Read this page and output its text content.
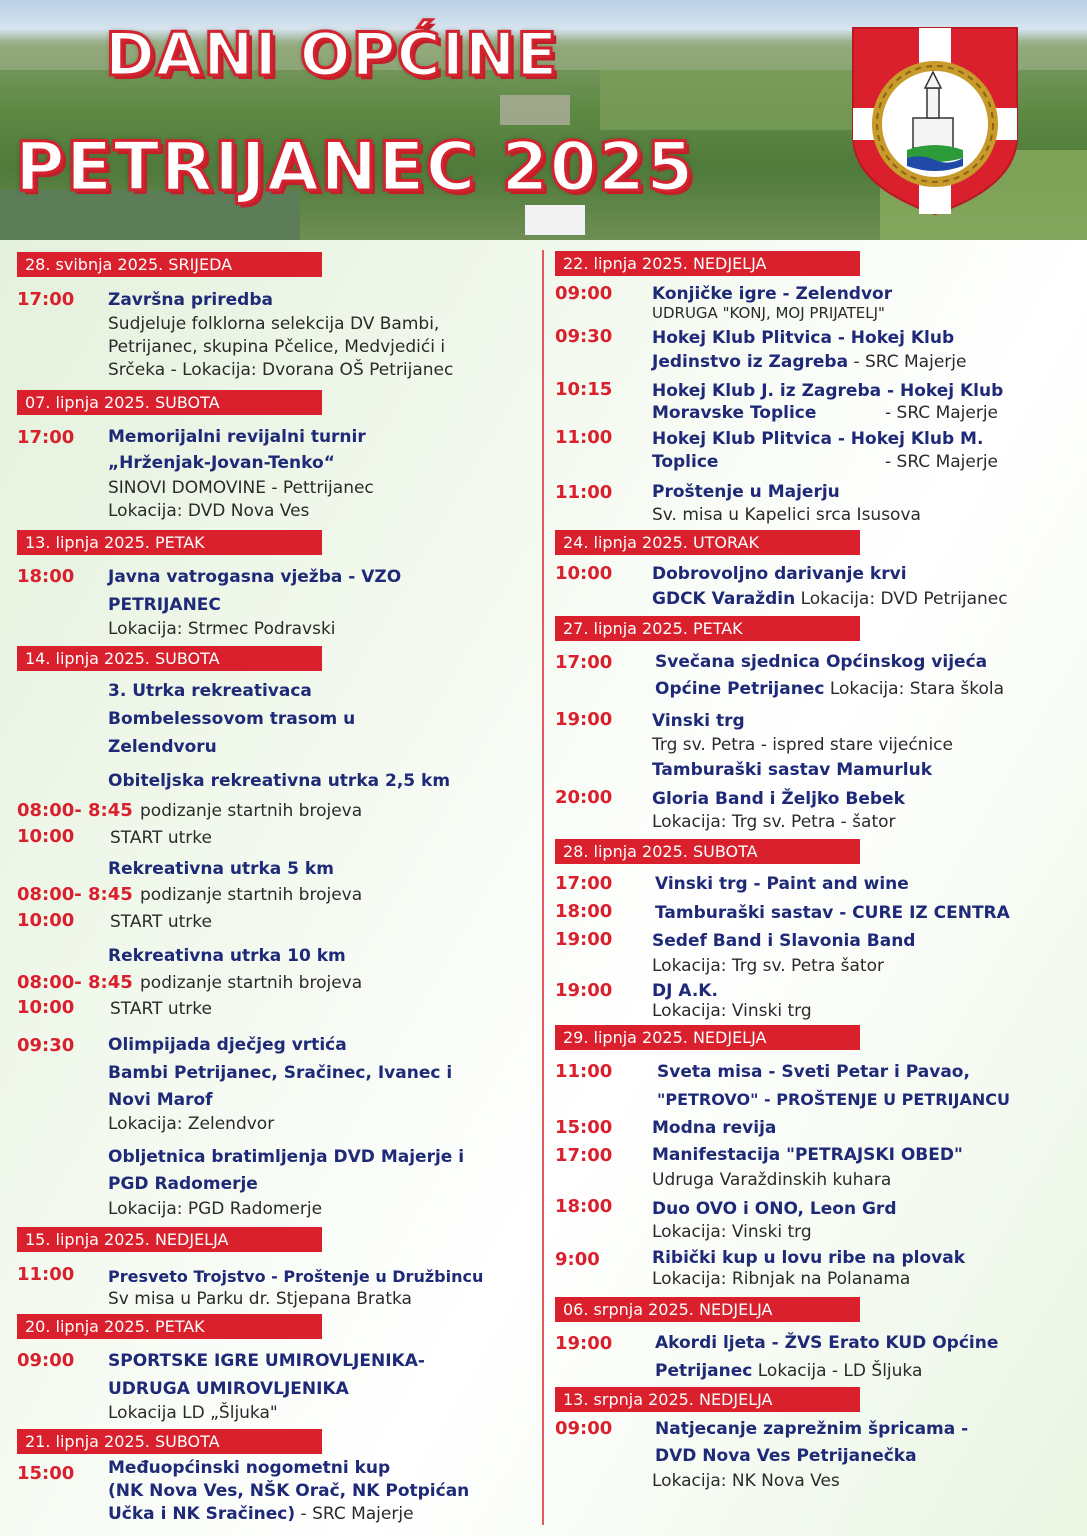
DANI OPĆINE
PETRIJANEC 2025
28. svibnja 2025. SRIJEDA
17:00 Završna priredba
Sudjeluje folklorna selekcija DV Bambi,
Petrijanec, skupina Pčelice, Medvjedići i
Srčeka - Lokacija: Dvorana OŠ Petrijanec
07. lipnja 2025. SUBOTA
17:00 Memorijalni revijalni turnir
„Hrženjak-Jovan-Tenko“
SINOVI DOMOVINE - Pettrijanec
Lokacija: DVD Nova Ves
13. lipnja 2025. PETAK
18:00 Javna vatrogasna vježba - VZO
PETRIJANEC
Lokacija: Strmec Podravski
14. lipnja 2025. SUBOTA
3. Utrka rekreativaca
Bombelessovom trasom u
Zelendvoru
Obiteljska rekreativna utrka 2,5 km
08:00- 8:45 podizanje startnih brojeva
10:00 START utrke
Rekreativna utrka 5 km
08:00- 8:45 podizanje startnih brojeva
10:00 START utrke
Rekreativna utrka 10 km
08:00- 8:45 podizanje startnih brojeva
10:00 START utrke
09:30 Olimpijada dječjeg vrtića
Bambi Petrijanec, Sračinec, Ivanec i
Novi Marof
Lokacija: Zelendvor
Obljetnica bratimljenja DVD Majerje i
PGD Radomerje
Lokacija: PGD Radomerje
15. lipnja 2025. NEDJELJA
11:00 Presveto Trojstvo - Proštenje u Družbincu
Sv misa u Parku dr. Stjepana Bratka
20. lipnja 2025. PETAK
09:00 SPORTSKE IGRE UMIROVLJENIKA-
UDRUGA UMIROVLJENIKA
Lokacija LD „Šljuka"
21. lipnja 2025. SUBOTA
15:00 Međuopćinski nogometni kup
(NK Nova Ves, NŠK Orač, NK Potpićan
Učka i NK Sračinec) - SRC Majerje
22. lipnja 2025. NEDJELJA
09:00 Konjičke igre - Zelendvor
UDRUGA "KONJ, MOJ PRIJATELJ"
09:30 Hokej Klub Plitvica - Hokej Klub
Jedinstvo iz Zagreba - SRC Majerje
10:15 Hokej Klub J. iz Zagreba - Hokej Klub
Moravske Toplice	- SRC Majerje
11:00 Hokej Klub Plitvica - Hokej Klub M.
Toplice	- SRC Majerje
11:00 Proštenje u Majerju
Sv. misa u Kapelici srca Isusova
24. lipnja 2025. UTORAK
10:00 Dobrovoljno darivanje krvi
GDCK Varaždin Lokacija: DVD Petrijanec
27. lipnja 2025. PETAK
17:00	Svečana sjednica Općinskog vijeća
Općine Petrijanec Lokacija: Stara škola
19:00 Vinski trg
Trg sv. Petra - ispred stare vijećnice
Tamburaški sastav Mamurluk
20:00 Gloria Band i Željko Bebek
Lokacija: Trg sv. Petra - šator
28. lipnja 2025. SUBOTA
17:00	Vinski trg - Paint and wine
18:00	Tamburaški sastav - CURE IZ CENTRA
19:00 Sedef Band i Slavonia Band
Lokacija: Trg sv. Petra šator
19:00 DJ A.K.
Lokacija: Vinski trg
29. lipnja 2025. NEDJELJA
11:00	Sveta misa - Sveti Petar i Pavao,
"PETROVO" - PROŠTENJE U PETRIJANCU
15:00 Modna revija
17:00 Manifestacija "PETRAJSKI OBED"
Udruga Varaždinskih kuhara
18:00 Duo OVO i ONO, Leon Grd
Lokacija: Vinski trg
9:00	Ribički kup u lovu ribe na plovak
Lokacija: Ribnjak na Polanama
06. srpnja 2025. NEDJELJA
19:00	Akordi ljeta - ŽVS Erato KUD Općine
Petrijanec Lokacija - LD Šljuka
13. srpnja 2025. NEDJELJA
09:00	Natjecanje zaprežnim špricama -
DVD Nova Ves Petrijanečka
Lokacija: NK Nova Ves
